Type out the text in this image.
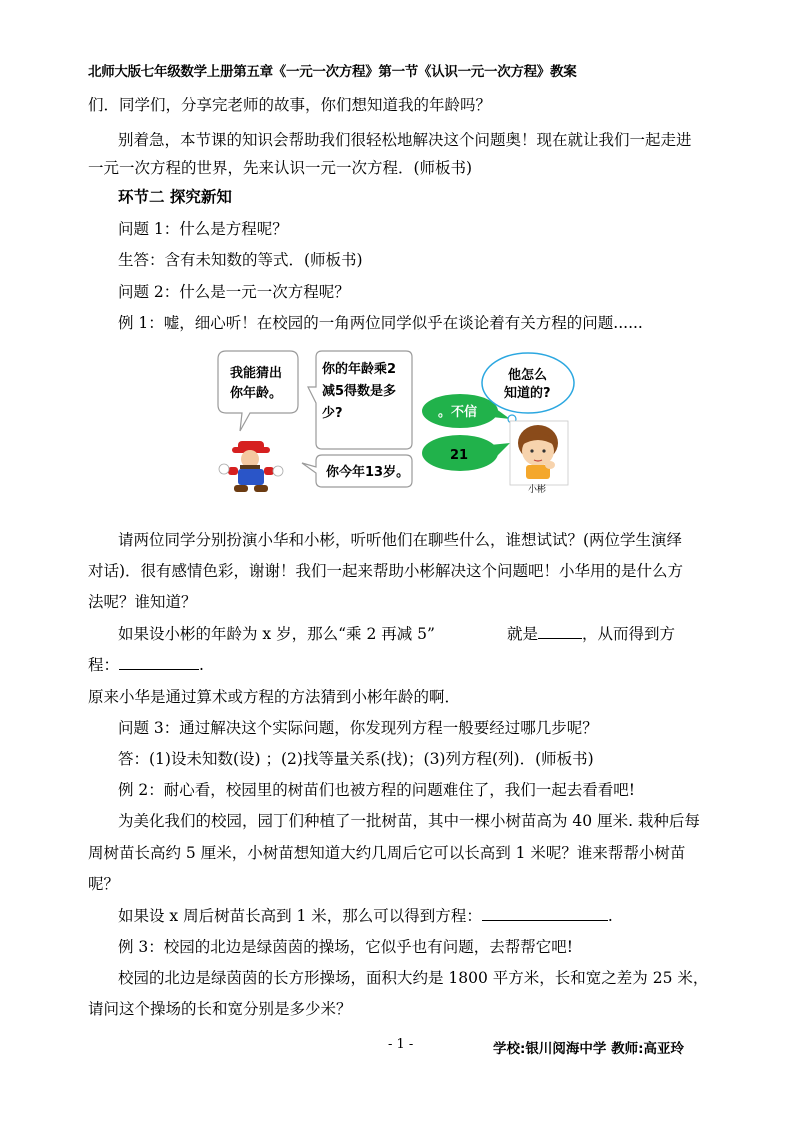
北师大版七年级数学上册第五章《一元一次方程》第一节《认识一元一次方程》教案
们．同学们，分享完老师的故事，你们想知道我的年龄吗？
别着急，本节课的知识会帮助我们很轻松地解决这个问题奥！现在就让我们一起走进
一元一次方程的世界，先来认识一元一次方程．(师板书)
环节二 探究新知
问题 1：什么是方程呢？
生答：含有未知数的等式．(师板书)
问题 2：什么是一元一次方程呢？
例 1：嘘，细心听！在校园的一角两位同学似乎在谈论着有关方程的问题......
我能猜出
你年龄。
你的年龄乘2
减5得数是多
少?
你今年13岁。
。不信
21
他怎么
知道的?
小彬
请两位同学分别扮演小华和小彬，听听他们在聊些什么，谁想试试？(两位学生演绎
对话)．很有感情色彩，谢谢！我们一起来帮助小彬解决这个问题吧！小华用的是什么方
法呢？谁知道？
如果设小彬的年龄为 x 岁，那么“乘 2 再减 5”	就是	，从而得到方
程：	.
原来小华是通过算术或方程的方法猜到小彬年龄的啊．
问题 3：通过解决这个实际问题，你发现列方程一般要经过哪几步呢？
答：(1)设未知数(设) ；(2)找等量关系(找)；(3)列方程(列)．(师板书)
例 2：耐心看，校园里的树苗们也被方程的问题难住了，我们一起去看看吧!
为美化我们的校园，园丁们种植了一批树苗，其中一棵小树苗高为 40 厘米. 栽种后每
周树苗长高约 5 厘米，小树苗想知道大约几周后它可以长高到 1 米呢？谁来帮帮小树苗
呢？
如果设 x 周后树苗长高到 1 米，那么可以得到方程：	.
例 3：校园的北边是绿茵茵的操场，它似乎也有问题，去帮帮它吧!
校园的北边是绿茵茵的长方形操场，面积大约是 1800 平方米，长和宽之差为 25 米，
请问这个操场的长和宽分别是多少米？
- 1 -	学校:银川阅海中学 教师:高亚玲
